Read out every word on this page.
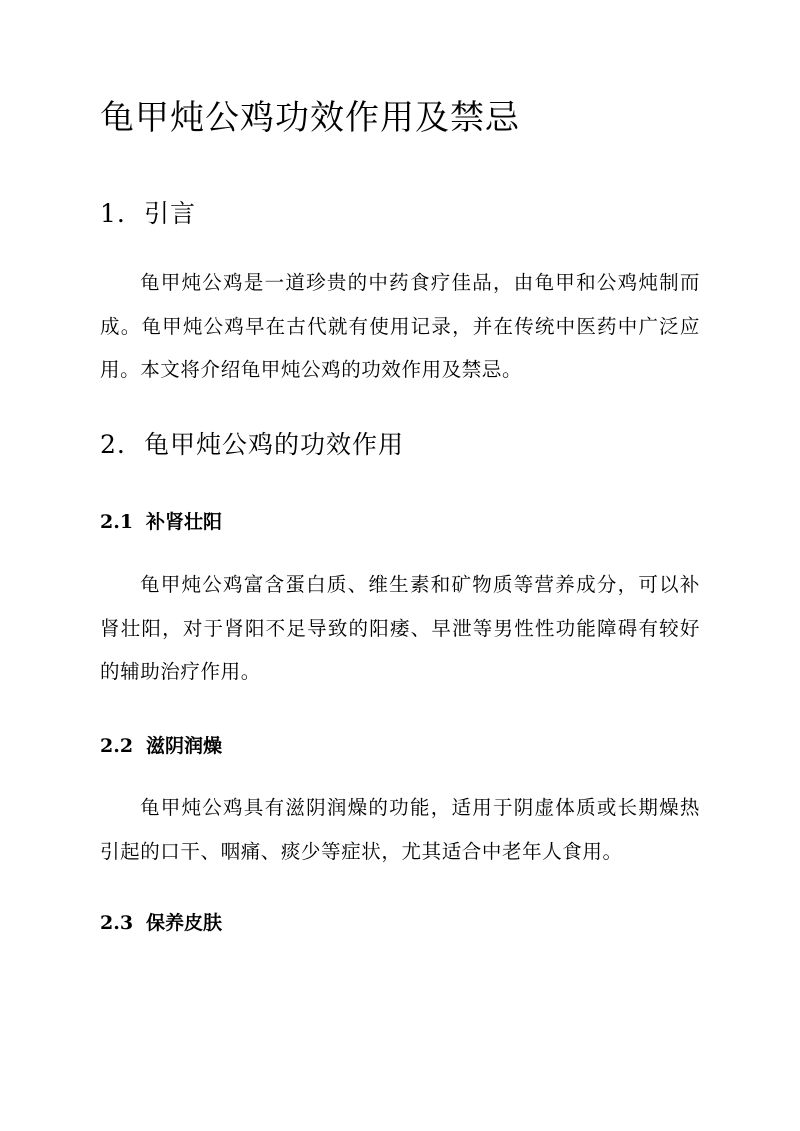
龟甲炖公鸡功效作用及禁忌
1. 引言

龟甲炖公鸡是一道珍贵的中药食疗佳品，由龟甲和公鸡炖制而成。龟甲炖公鸡早在古代就有使用记录，并在传统中医药中广泛应用。本文将介绍龟甲炖公鸡的功效作用及禁忌。

2. 龟甲炖公鸡的功效作用
2.1 补肾壮阳

龟甲炖公鸡富含蛋白质、维生素和矿物质等营养成分，可以补肾壮阳，对于肾阳不足导致的阳痿、早泄等男性性功能障碍有较好的辅助治疗作用。

2.2 滋阴润燥

龟甲炖公鸡具有滋阴润燥的功能，适用于阴虚体质或长期燥热引起的口干、咽痛、痰少等症状，尤其适合中老年人食用。

2.3 保养皮肤
